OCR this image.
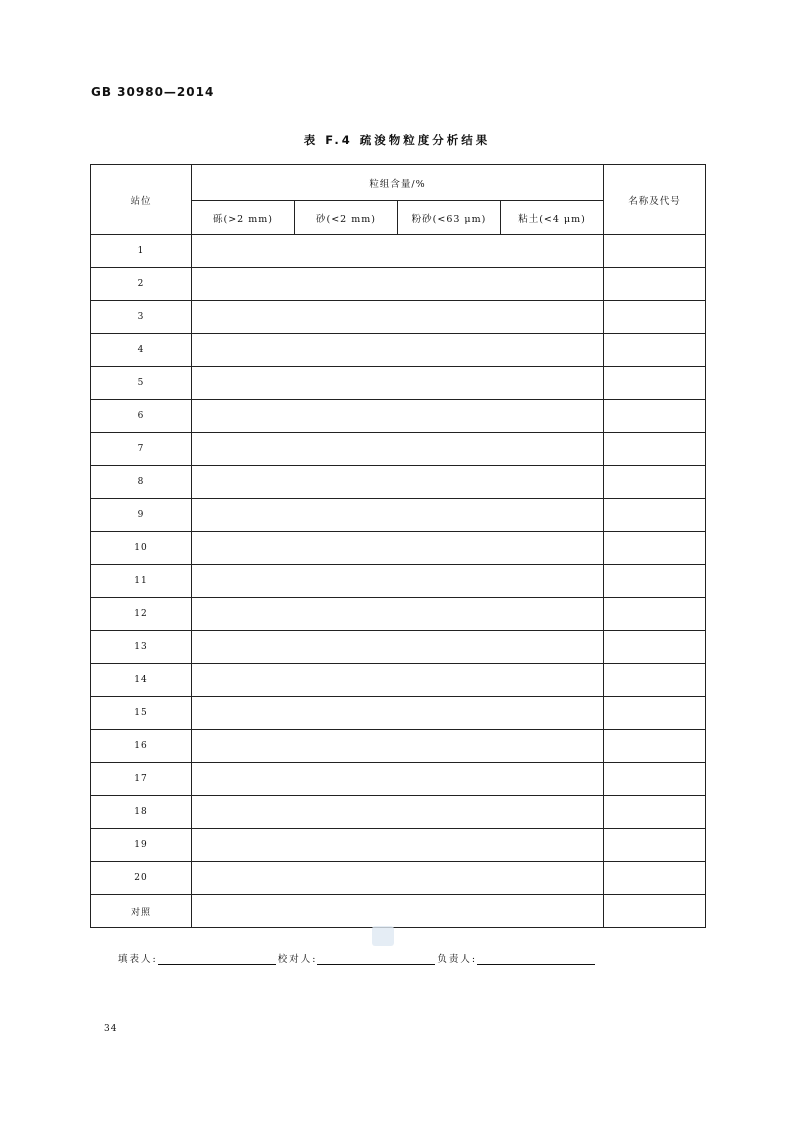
GB 30980—2014
表 F.4 疏浚物粒度分析结果
站位	粒组含量/%				名称及代号
	砾(>2 mm)	砂(<2 mm)	粉砂(<63 μm)	粘土(<4 μm)	
1					
2					
3					
4					
5					
6					
7					
8					
9					
10					
11					
12					
13					
14					
15					
16					
17					
18					
19					
20					
对照					
填表人:	校对人:	负责人:
34
